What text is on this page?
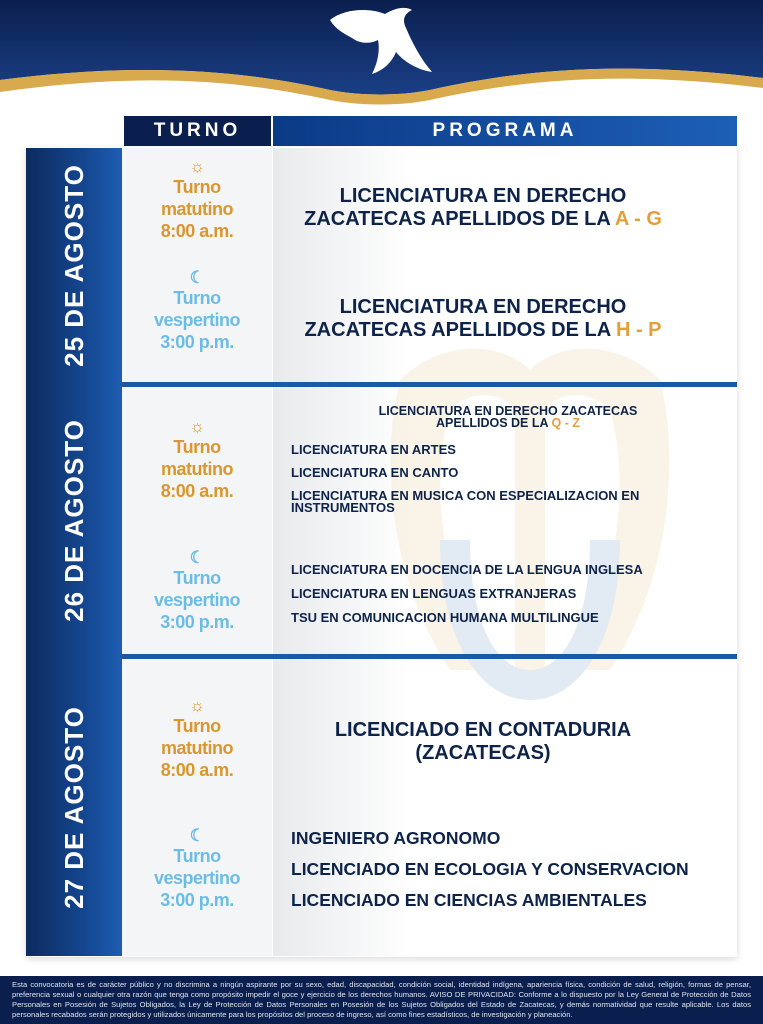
TURNO	PROGRAMA
25 DE AGOSTO
26 DE AGOSTO
27 DE AGOSTO
☼
Turno
matutino
8:00 a.m.
☾
Turno
vespertino
3:00 p.m.
LICENCIATURA EN DERECHO
ZACATECAS APELLIDOS DE LA A - G
LICENCIATURA EN DERECHO
ZACATECAS APELLIDOS DE LA H - P
☼
Turno
matutino
8:00 a.m.
☾
Turno
vespertino
3:00 p.m.
LICENCIATURA EN DERECHO ZACATECAS
APELLIDOS DE LA Q - Z
LICENCIATURA EN ARTES
LICENCIATURA EN CANTO
LICENCIATURA EN MUSICA CON ESPECIALIZACION EN
INSTRUMENTOS
LICENCIATURA EN DOCENCIA DE LA LENGUA INGLESA
LICENCIATURA EN LENGUAS EXTRANJERAS
TSU EN COMUNICACION HUMANA MULTILINGUE
☼
Turno
matutino
8:00 a.m.
☾
Turno
vespertino
3:00 p.m.
LICENCIADO EN CONTADURIA
(ZACATECAS)
INGENIERO AGRONOMO
LICENCIADO EN ECOLOGIA Y CONSERVACION
LICENCIADO EN CIENCIAS AMBIENTALES
Esta convocatoria es de carácter público y no discrimina a ningún aspirante por su sexo, edad, discapacidad, condición social, identidad indígena, apariencia física, condición de salud, religión, formas de pensar, preferencia sexual o cualquier otra razón que tenga como propósito impedir el goce y ejercicio de los derechos humanos. AVISO DE PRIVACIDAD: Conforme a lo dispuesto por la Ley General de Protección de Datos Personales en Posesión de Sujetos Obligados, la Ley de Protección de Datos Personales en Posesión de los Sujetos Obligados del Estado de Zacatecas, y demás normatividad que resulte aplicable. Los datos personales recabados serán protegidos y utilizados únicamente para los propósitos del proceso de ingreso, así como fines estadísticos, de investigación y planeación.
